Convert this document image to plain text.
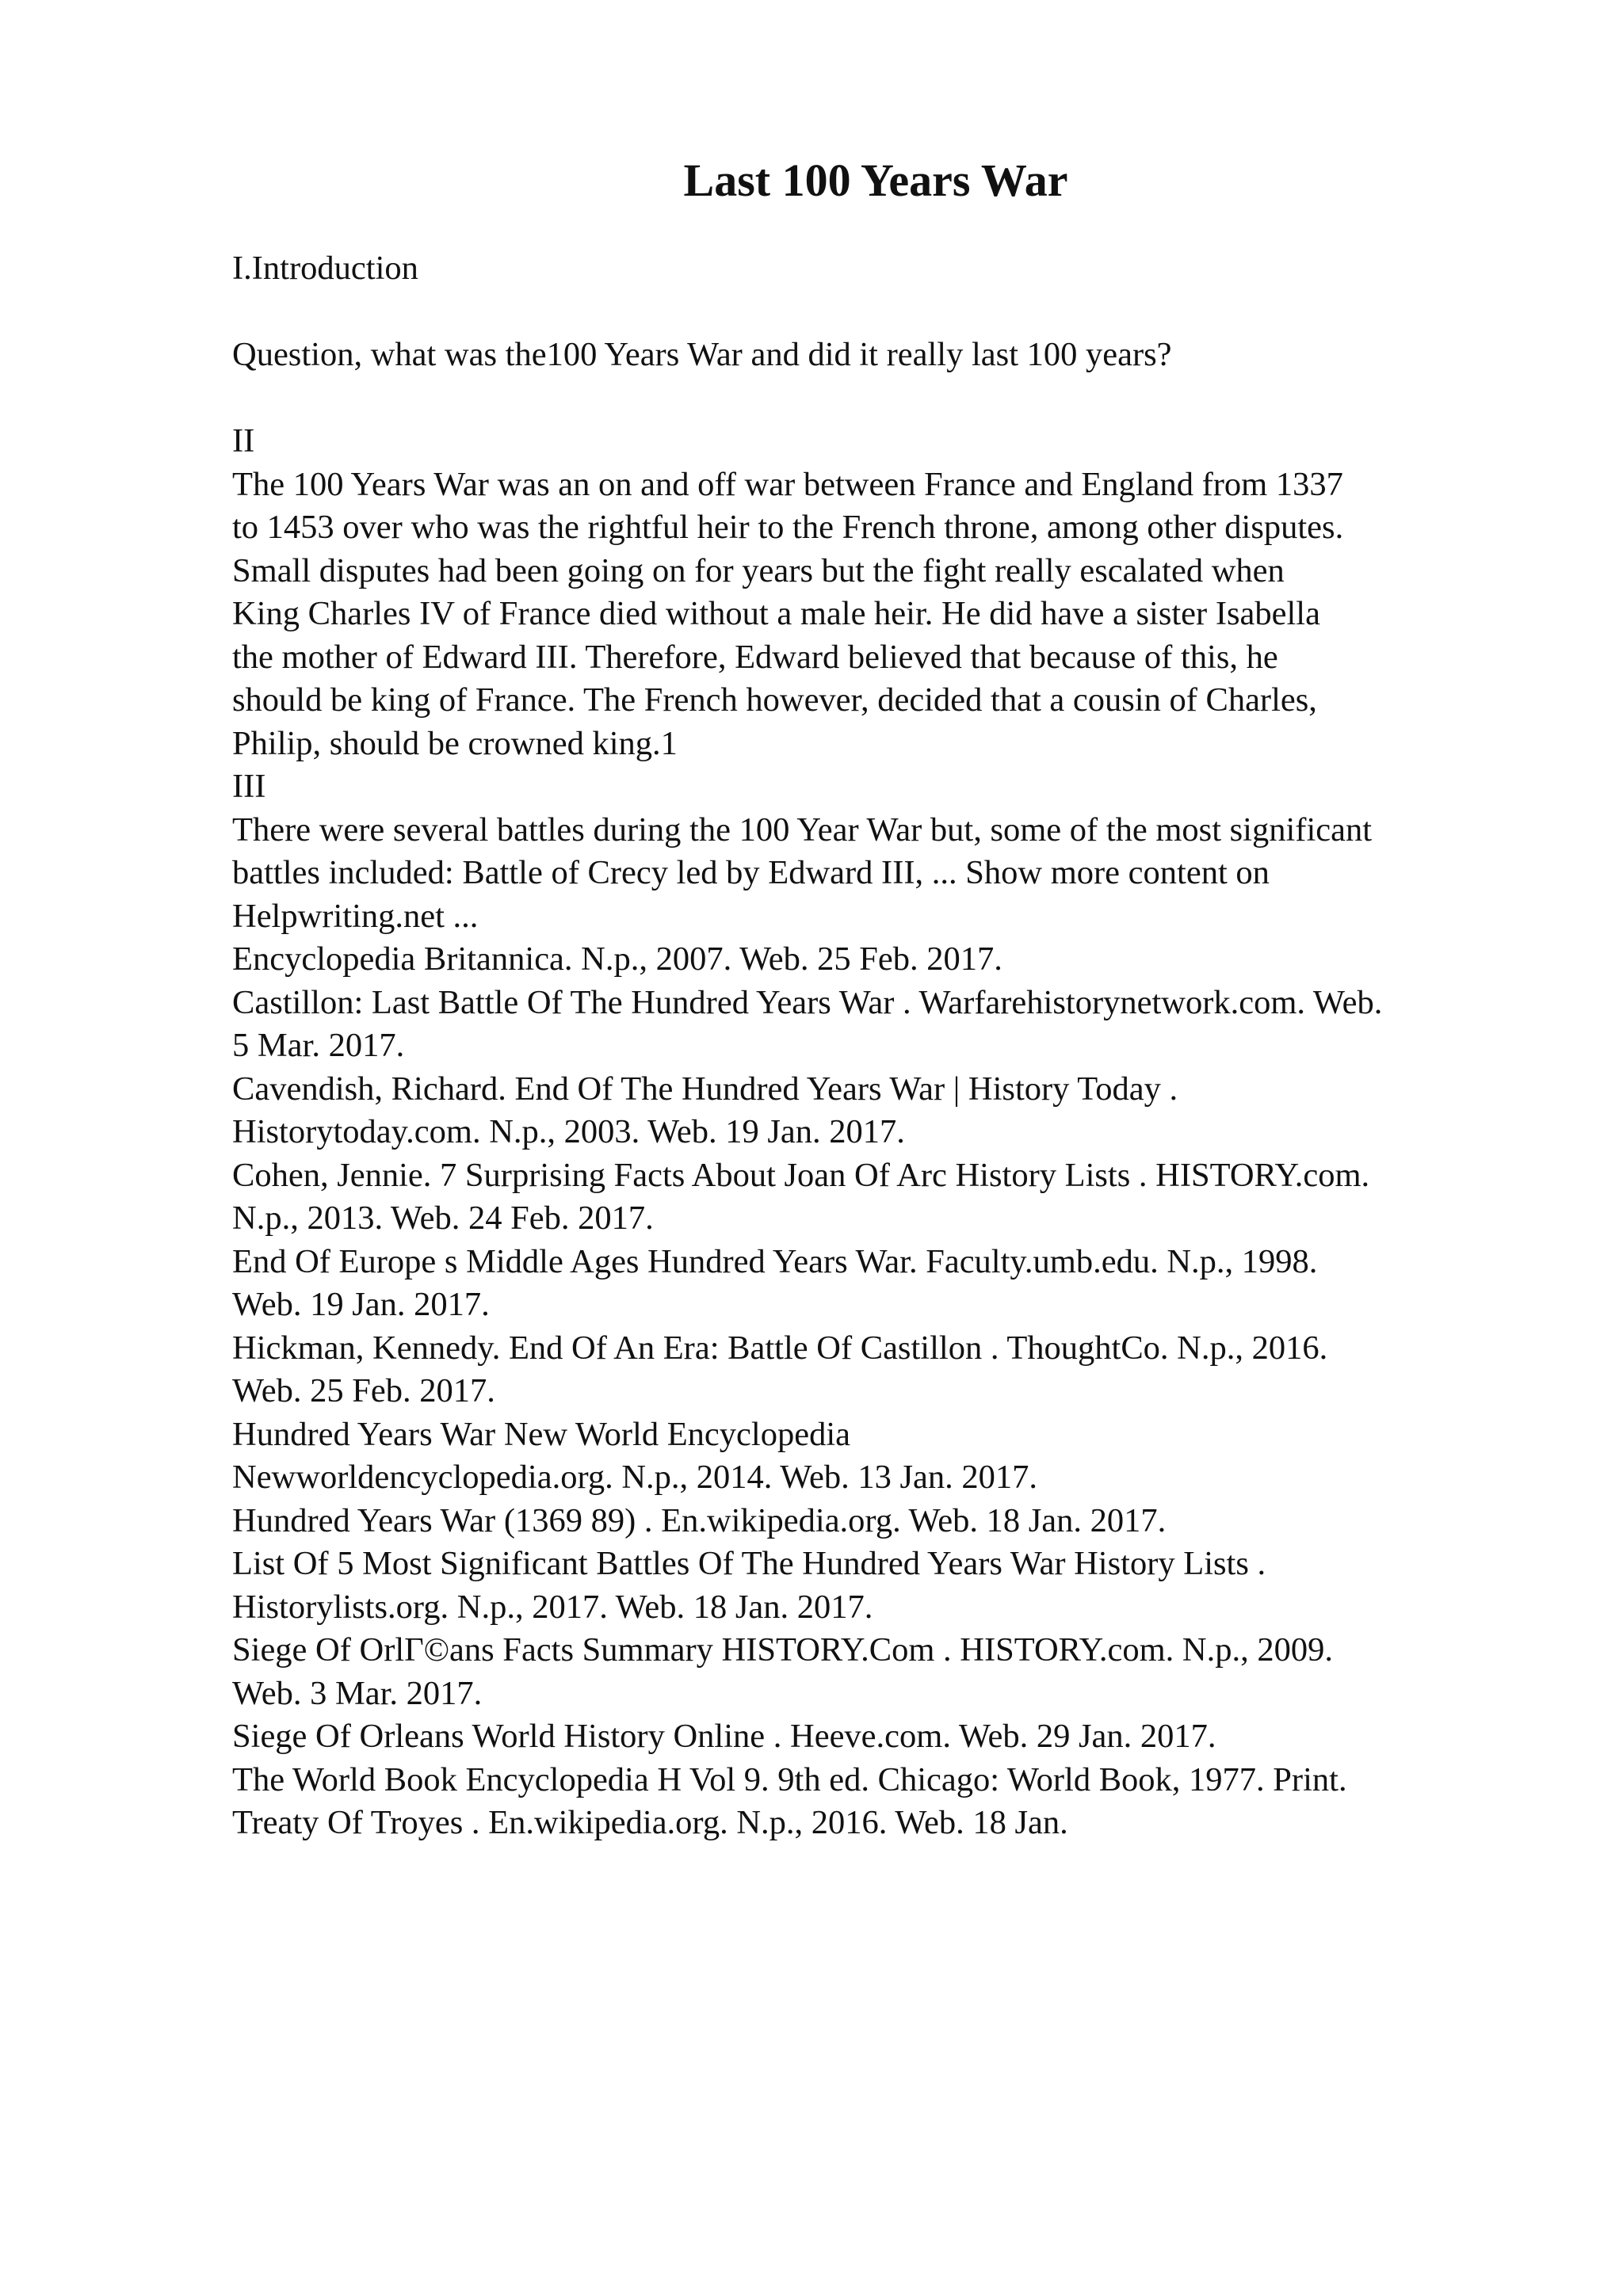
Last 100 Years War
I.Introduction
Question, what was the100 Years War and did it really last 100 years?
II
The 100 Years War was an on and off war between France and England from 1337
to 1453 over who was the rightful heir to the French throne, among other disputes.
Small disputes had been going on for years but the fight really escalated when
King Charles IV of France died without a male heir. He did have a sister Isabella
the mother of Edward III. Therefore, Edward believed that because of this, he
should be king of France. The French however, decided that a cousin of Charles,
Philip, should be crowned king.1
III
There were several battles during the 100 Year War but, some of the most significant
battles included: Battle of Crecy led by Edward III, ... Show more content on
Helpwriting.net ...
Encyclopedia Britannica. N.p., 2007. Web. 25 Feb. 2017.
Castillon: Last Battle Of The Hundred Years War . Warfarehistorynetwork.com. Web.
5 Mar. 2017.
Cavendish, Richard. End Of The Hundred Years War | History Today .
Historytoday.com. N.p., 2003. Web. 19 Jan. 2017.
Cohen, Jennie. 7 Surprising Facts About Joan Of Arc History Lists . HISTORY.com.
N.p., 2013. Web. 24 Feb. 2017.
End Of Europe s Middle Ages Hundred Years War. Faculty.umb.edu. N.p., 1998.
Web. 19 Jan. 2017.
Hickman, Kennedy. End Of An Era: Battle Of Castillon . ThoughtCo. N.p., 2016.
Web. 25 Feb. 2017.
Hundred Years War New World Encyclopedia
Newworldencyclopedia.org. N.p., 2014. Web. 13 Jan. 2017.
Hundred Years War (1369 89) . En.wikipedia.org. Web. 18 Jan. 2017.
List Of 5 Most Significant Battles Of The Hundred Years War History Lists .
Historylists.org. N.p., 2017. Web. 18 Jan. 2017.
Siege Of OrlГ©ans Facts Summary HISTORY.Com . HISTORY.com. N.p., 2009.
Web. 3 Mar. 2017.
Siege Of Orleans World History Online . Heeve.com. Web. 29 Jan. 2017.
The World Book Encyclopedia H Vol 9. 9th ed. Chicago: World Book, 1977. Print.
Treaty Of Troyes . En.wikipedia.org. N.p., 2016. Web. 18 Jan.
